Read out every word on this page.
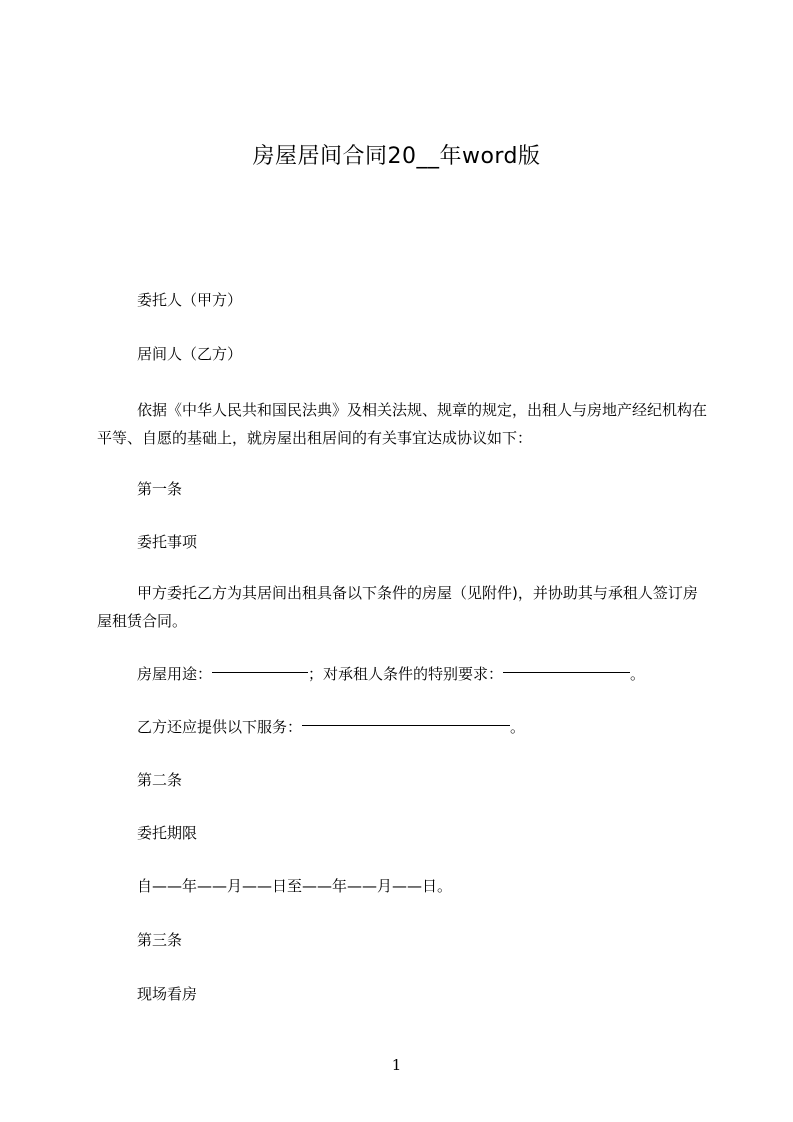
房屋居间合同20__年word版
委托人（甲方）
居间人（乙方）
依据《中华人民共和国民法典》及相关法规、规章的规定，出租人与房地产经纪机构在平等、自愿的基础上，就房屋出租居间的有关事宜达成协议如下：
第一条
委托事项
甲方委托乙方为其居间出租具备以下条件的房屋（见附件)，并协助其与承租人签订房屋租赁合同。
房屋用途：	；对承租人条件的特别要求：	。
乙方还应提供以下服务：	。
第二条
委托期限
自——年——月——日至——年——月——日。
第三条
现场看房
1
